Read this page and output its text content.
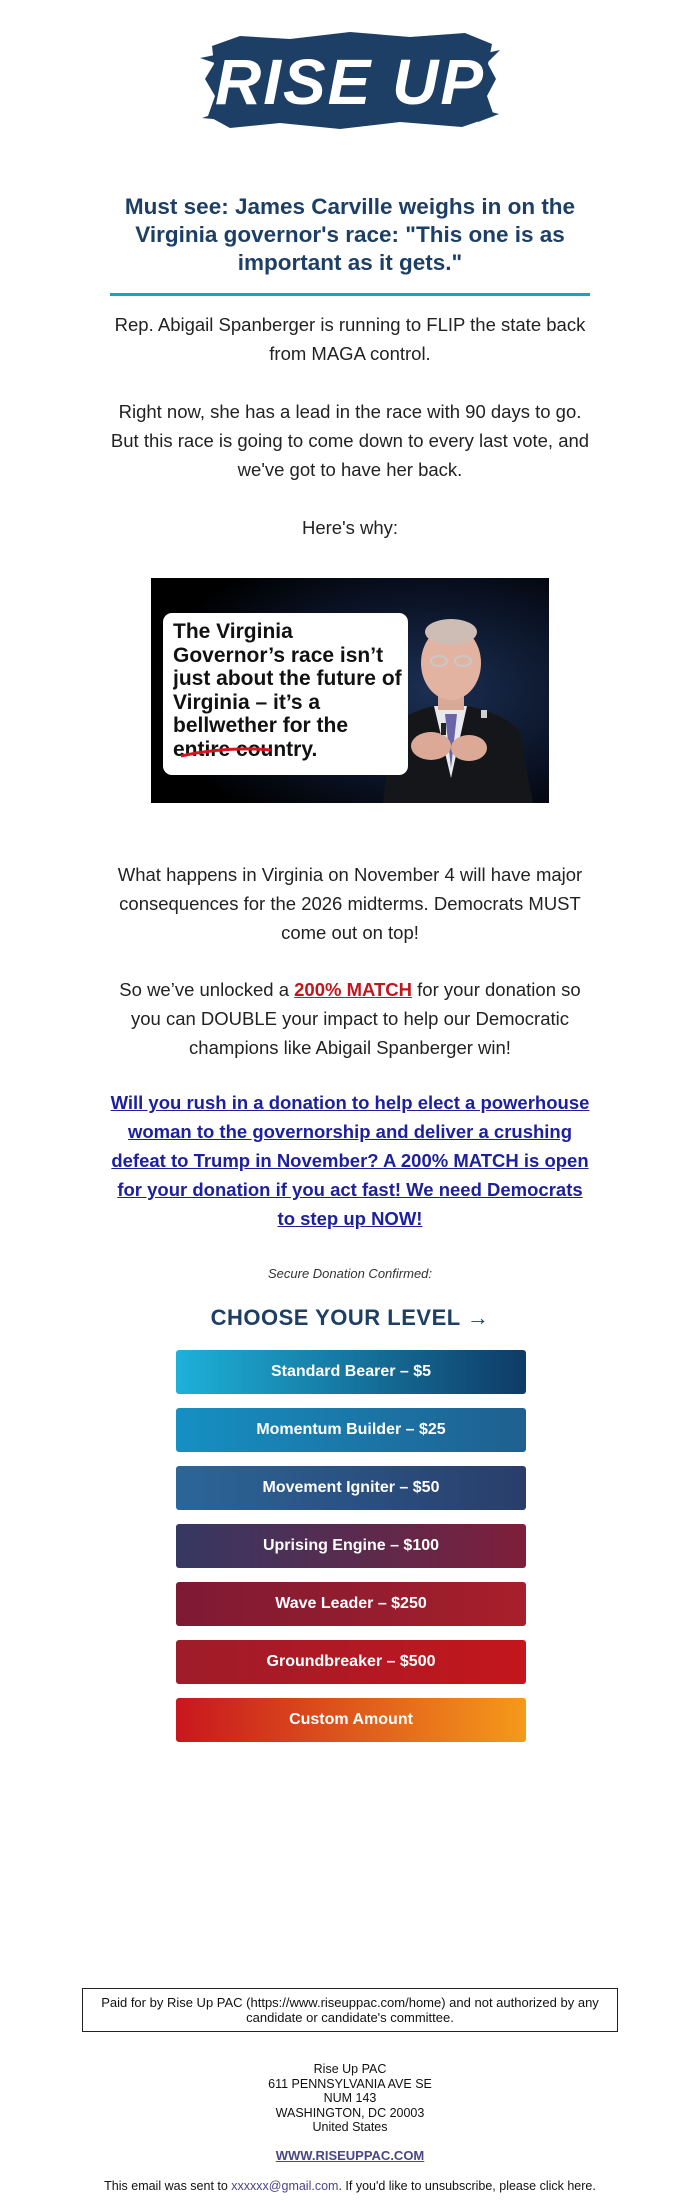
RISE UP
Must see: James Carville weighs in on the Virginia governor's race: "This one is as important as it gets."

Rep. Abigail Spanberger is running to FLIP the state back from MAGA control.

Right now, she has a lead in the race with 90 days to go. But this race is going to come down to every last vote, and we've got to have her back.

Here's why:

The Virginia Governor’s race isn’t just about the future of Virginia – it’s a bellwether for the entire country.

What happens in Virginia on November 4 will have major consequences for the 2026 midterms. Democrats MUST come out on top!

So we’ve unlocked a 200% MATCH for your donation so you can DOUBLE your impact to help our Democratic champions like Abigail Spanberger win!

Will you rush in a donation to help elect a powerhouse woman to the governorship and deliver a crushing defeat to Trump in November? A 200% MATCH is open for your donation if you act fast! We need Democrats to step up NOW!
Secure Donation Confirmed:
CHOOSE YOUR LEVEL →
Standard Bearer – $5
Momentum Builder – $25
Movement Igniter – $50
Uprising Engine – $100
Wave Leader – $250
Groundbreaker – $500
Custom Amount
Paid for by Rise Up PAC (https://www.riseuppac.com/home) and not authorized by any candidate or candidate's committee.
Rise Up PAC
611 PENNSYLVANIA AVE SE
NUM 143
WASHINGTON, DC 20003
United States
WWW.RISEUPPAC.COM
This email was sent to xxxxxx@gmail.com. If you'd like to unsubscribe, please click here.
